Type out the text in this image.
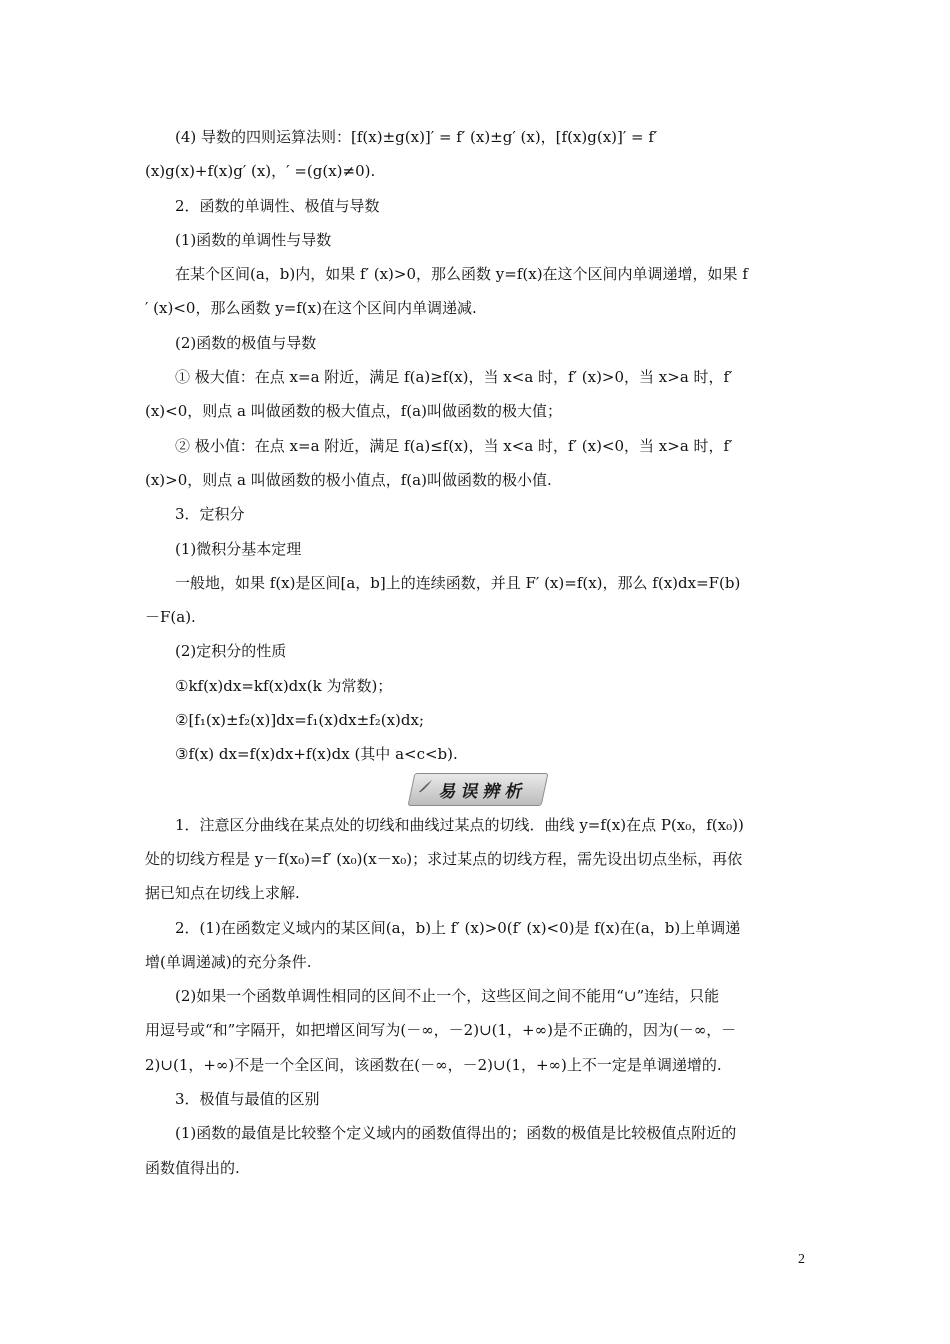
(4) 导数的四则运算法则：[f(x)±g(x)]′ = f′ (x)±g′ (x)，[f(x)g(x)]′ = f′
(x)g(x)+f(x)g′ (x)，′ =(g(x)≠0).
2．函数的单调性、极值与导数
(1)函数的单调性与导数
在某个区间(a，b)内，如果 f′ (x)>0，那么函数 y=f(x)在这个区间内单调递增，如果 f
′ (x)<0，那么函数 y=f(x)在这个区间内单调递减.
(2)函数的极值与导数
① 极大值：在点 x=a 附近，满足 f(a)≥f(x)，当 x<a 时，f′ (x)>0，当 x>a 时，f′
(x)<0，则点 a 叫做函数的极大值点，f(a)叫做函数的极大值；
② 极小值：在点 x=a 附近，满足 f(a)≤f(x)，当 x<a 时，f′ (x)<0，当 x>a 时，f′
(x)>0，则点 a 叫做函数的极小值点，f(a)叫做函数的极小值.
3．定积分
(1)微积分基本定理
一般地，如果 f(x)是区间[a，b]上的连续函数，并且 F′ (x)=f(x)，那么 f(x)dx=F(b)
－F(a).
(2)定积分的性质
①kf(x)dx=kf(x)dx(k 为常数)；
②[f₁(x)±f₂(x)]dx=f₁(x)dx±f₂(x)dx;
③f(x) dx=f(x)dx+f(x)dx (其中 a<c<b).
易误辨析
1．注意区分曲线在某点处的切线和曲线过某点的切线．曲线 y=f(x)在点 P(x₀，f(x₀))
处的切线方程是 y－f(x₀)=f′ (x₀)(x－x₀)；求过某点的切线方程，需先设出切点坐标，再依
据已知点在切线上求解.
2．(1)在函数定义域内的某区间(a，b)上 f′ (x)>0(f′ (x)<0)是 f(x)在(a，b)上单调递
增(单调递减)的充分条件.
(2)如果一个函数单调性相同的区间不止一个，这些区间之间不能用“∪”连结，只能
用逗号或“和”字隔开，如把增区间写为(－∞，－2)∪(1，+∞)是不正确的，因为(－∞，－
2)∪(1，+∞)不是一个全区间，该函数在(－∞，－2)∪(1，+∞)上不一定是单调递增的.
3．极值与最值的区别
(1)函数的最值是比较整个定义域内的函数值得出的；函数的极值是比较极值点附近的
函数值得出的.
2
